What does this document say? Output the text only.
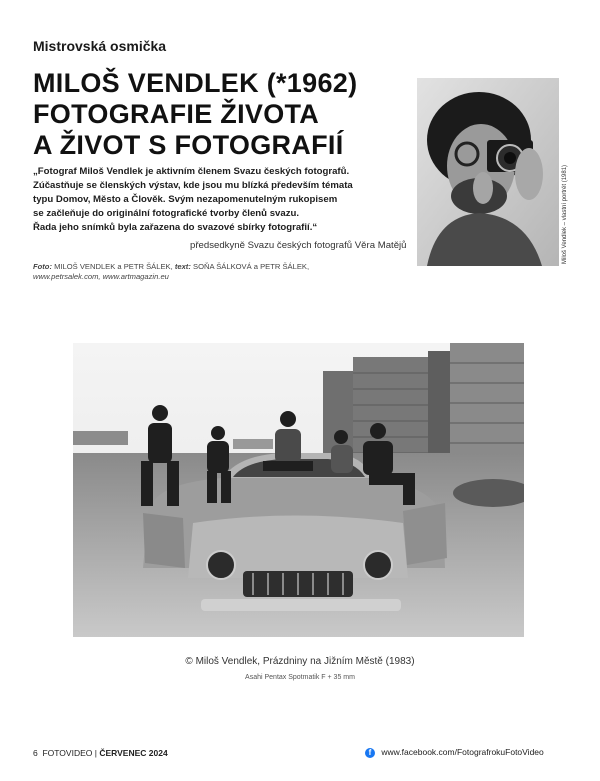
Mistrovská osmička
MILOŠ VENDLEK (*1962)
FOTOGRAFIE ŽIVOTA
A ŽIVOT S FOTOGRAFIÍ
„Fotograf Miloš Vendlek je aktivním členem Svazu českých fotografů.
Zúčastňuje se členských výstav, kde jsou mu blízká především témata
typu Domov, Město a Člověk. Svým nezapomenutelným rukopisem
se začleňuje do originální fotografické tvorby členů svazu.
Řada jeho snímků byla zařazena do svazové sbírky fotografií.“
předsedkyně Svazu českých fotografů Věra Matějů
Foto: MILOŠ VENDLEK a PETR ŠÁLEK, text: SOŇA ŠÁLKOVÁ a PETR ŠÁLEK,
www.petrsalek.com, www.artmagazin.eu
Miloš Vendlek – vlastní portrét (1981)
© Miloš Vendlek, Prázdniny na Jižním Městě (1983)
Asahi Pentax Spotmatik F + 35 mm
6 FOTOVIDEO | ČERVENEC 2024	f www.facebook.com/FotografrokuFotoVideo
